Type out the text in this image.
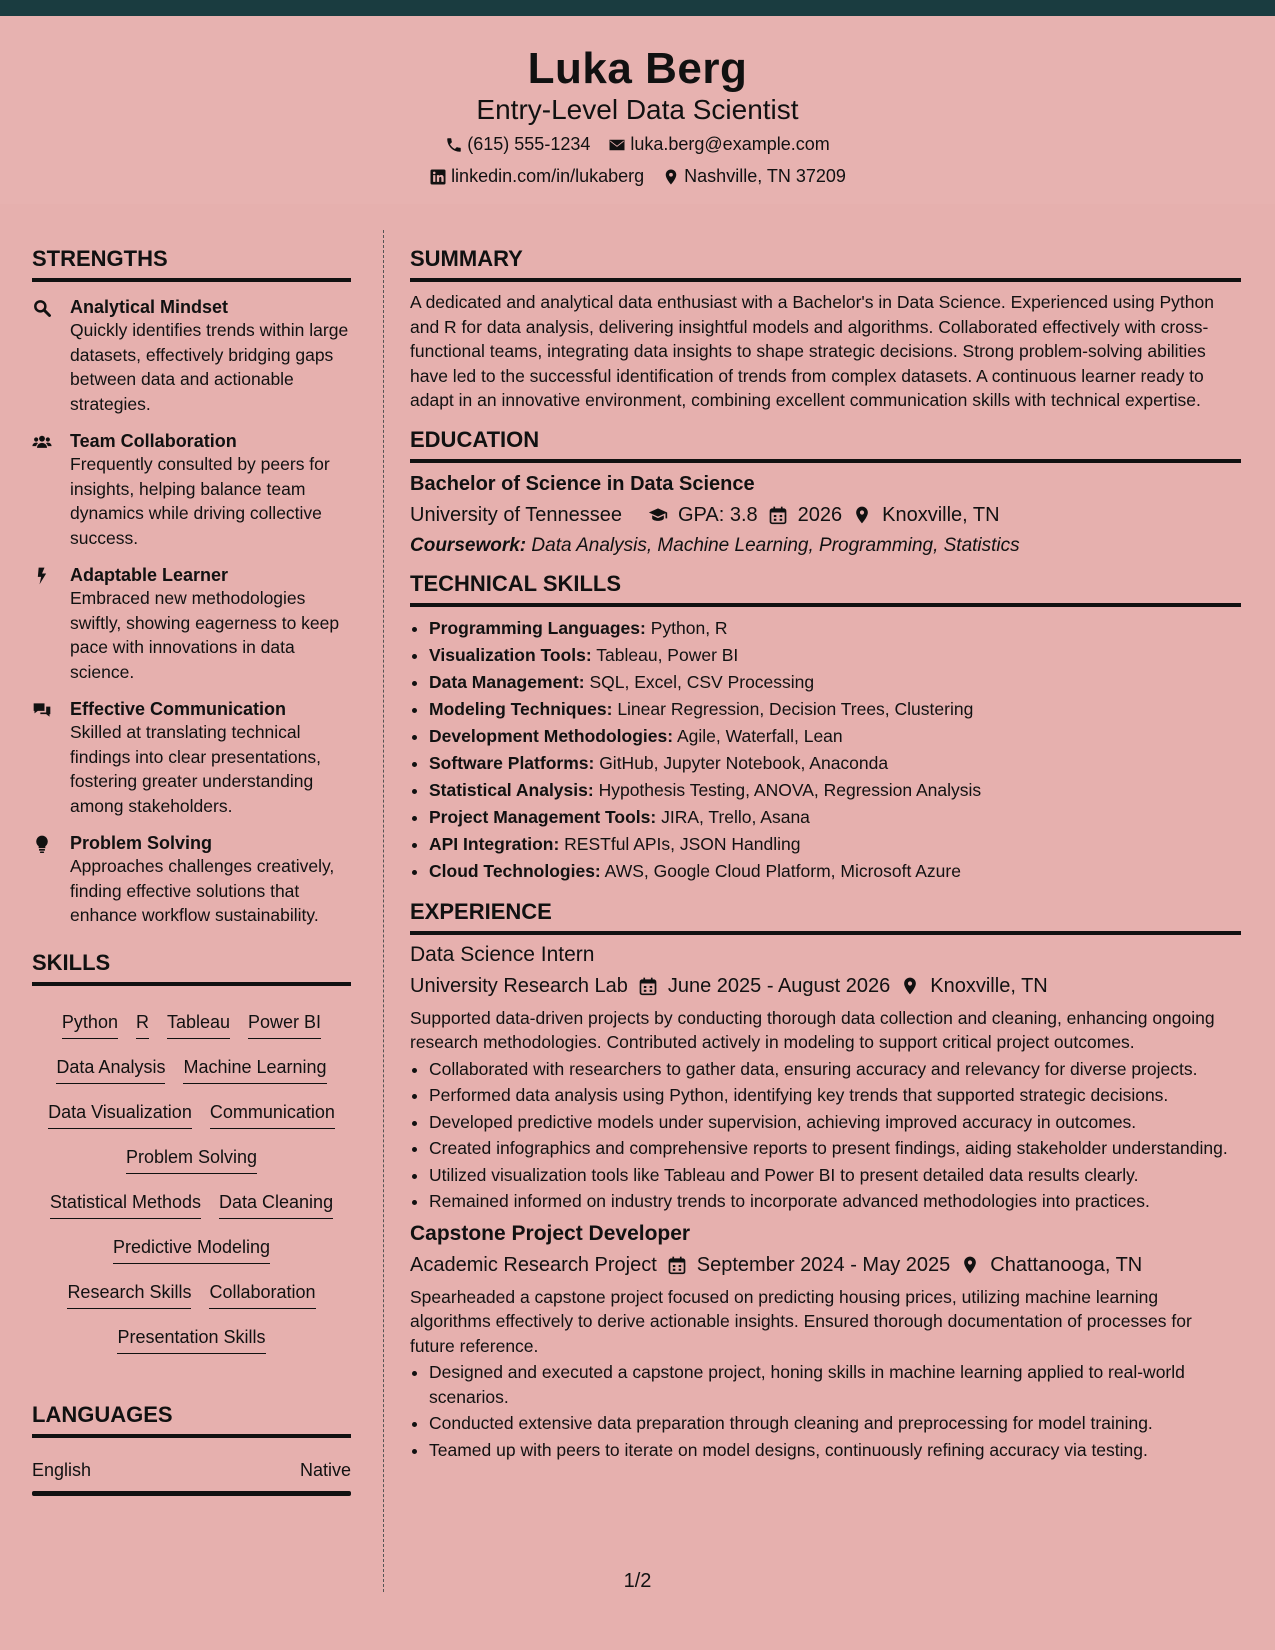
Luka Berg
Entry-Level Data Scientist
(615) 555-1234 luka.berg@example.com
linkedin.com/in/lukaberg Nashville, TN 37209
STRENGTHS
Analytical Mindset
Quickly identifies trends within large datasets, effectively bridging gaps between data and actionable strategies.
Team Collaboration
Frequently consulted by peers for insights, helping balance team dynamics while driving collective success.
Adaptable Learner
Embraced new methodologies swiftly, showing eagerness to keep pace with innovations in data science.
Effective Communication
Skilled at translating technical findings into clear presentations, fostering greater understanding among stakeholders.
Problem Solving
Approaches challenges creatively, finding effective solutions that enhance workflow sustainability.
SKILLS
Python R Tableau Power BI
Data Analysis Machine Learning
Data Visualization Communication
Problem Solving
Statistical Methods Data Cleaning
Predictive Modeling
Research Skills Collaboration
Presentation Skills
LANGUAGES
English	Native
SUMMARY
A dedicated and analytical data enthusiast with a Bachelor's in Data Science. Experienced using Python and R for data analysis, delivering insightful models and algorithms. Collaborated effectively with cross-functional teams, integrating data insights to shape strategic decisions. Strong problem-solving abilities have led to the successful identification of trends from complex datasets. A continuous learner ready to adapt in an innovative environment, combining excellent communication skills with technical expertise.
EDUCATION
Bachelor of Science in Data Science
University of Tennessee	GPA: 3.8 2026 Knoxville, TN
Coursework: Data Analysis, Machine Learning, Programming, Statistics
TECHNICAL SKILLS
• Programming Languages: Python, R
• Visualization Tools: Tableau, Power BI
• Data Management: SQL, Excel, CSV Processing
• Modeling Techniques: Linear Regression, Decision Trees, Clustering
• Development Methodologies: Agile, Waterfall, Lean
• Software Platforms: GitHub, Jupyter Notebook, Anaconda
• Statistical Analysis: Hypothesis Testing, ANOVA, Regression Analysis
• Project Management Tools: JIRA, Trello, Asana
• API Integration: RESTful APIs, JSON Handling
• Cloud Technologies: AWS, Google Cloud Platform, Microsoft Azure
EXPERIENCE
Data Science Intern
University Research Lab June 2025 - August 2026 Knoxville, TN
Supported data-driven projects by conducting thorough data collection and cleaning, enhancing ongoing research methodologies. Contributed actively in modeling to support critical project outcomes.
• Collaborated with researchers to gather data, ensuring accuracy and relevancy for diverse projects.
• Performed data analysis using Python, identifying key trends that supported strategic decisions.
• Developed predictive models under supervision, achieving improved accuracy in outcomes.
• Created infographics and comprehensive reports to present findings, aiding stakeholder understanding.
• Utilized visualization tools like Tableau and Power BI to present detailed data results clearly.
• Remained informed on industry trends to incorporate advanced methodologies into practices.
Capstone Project Developer
Academic Research Project September 2024 - May 2025 Chattanooga, TN
Spearheaded a capstone project focused on predicting housing prices, utilizing machine learning algorithms effectively to derive actionable insights. Ensured thorough documentation of processes for future reference.
• Designed and executed a capstone project, honing skills in machine learning applied to real-world scenarios.
• Conducted extensive data preparation through cleaning and preprocessing for model training.
• Teamed up with peers to iterate on model designs, continuously refining accuracy via testing.
1/2
